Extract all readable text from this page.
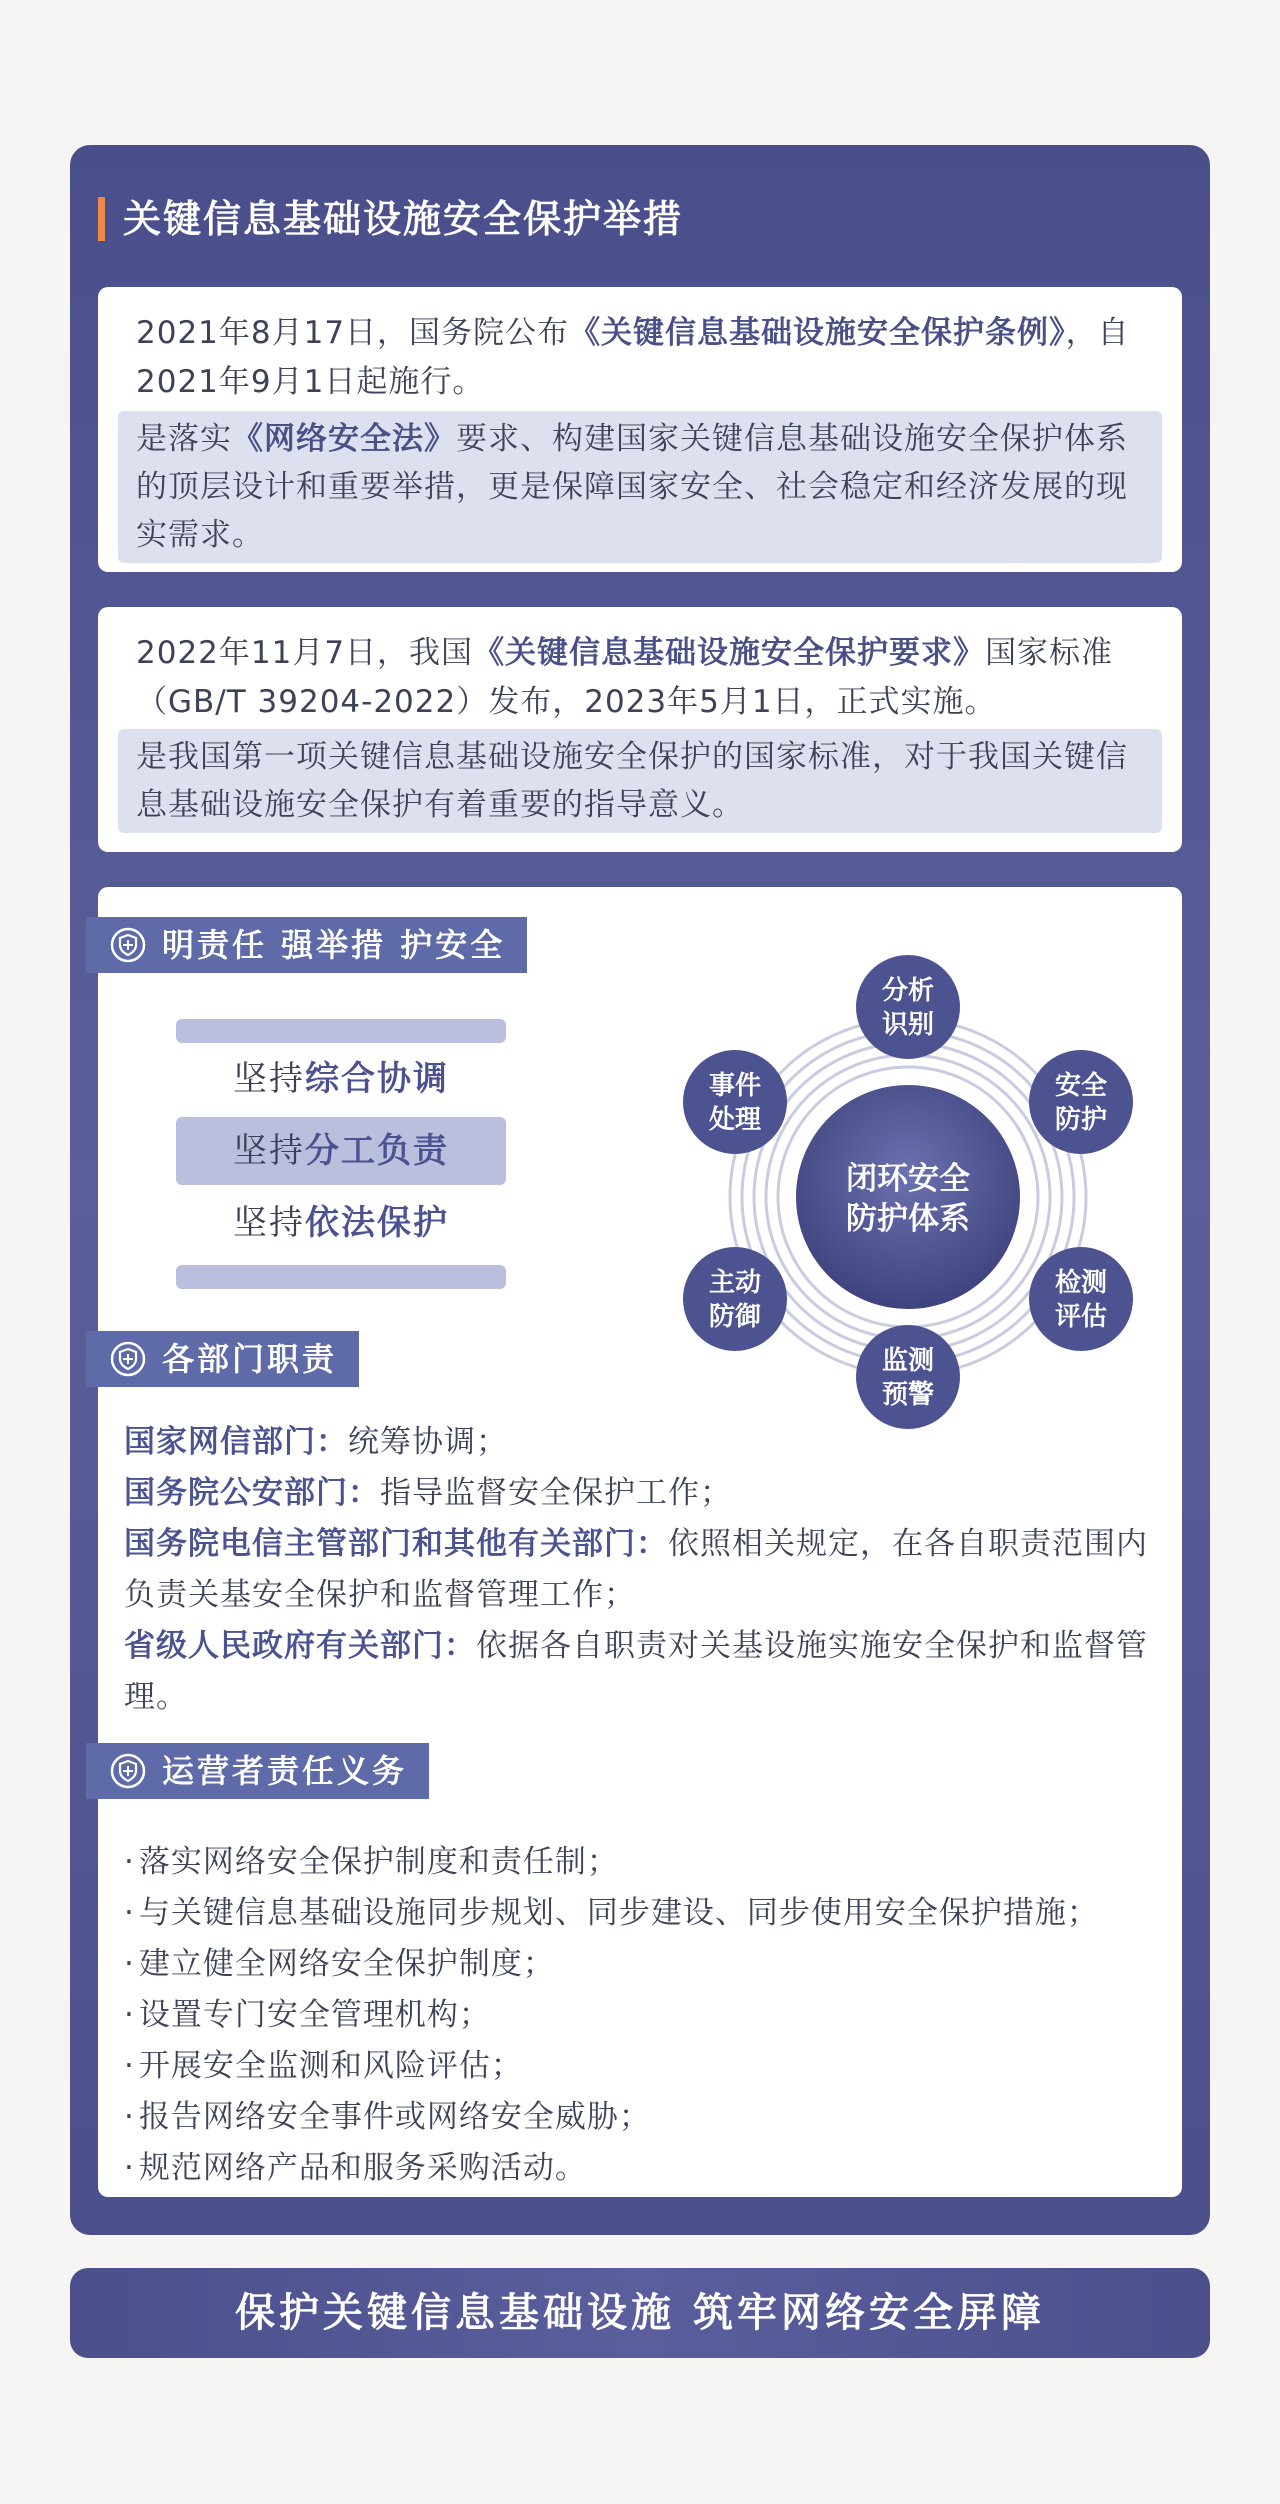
关键信息基础设施安全保护举措
2021年8月17日，国务院公布《关键信息基础设施安全保护条例》，自2021年9月1日起施行。
是落实《网络安全法》要求、构建国家关键信息基础设施安全保护体系的顶层设计和重要举措，更是保障国家安全、社会稳定和经济发展的现实需求。
2022年11月7日，我国《关键信息基础设施安全保护要求》国家标准（GB/T 39204-2022）发布，2023年5月1日，正式实施。
是我国第一项关键信息基础设施安全保护的国家标准，对于我国关键信息基础设施安全保护有着重要的指导意义。
明责任 强举措 护安全
坚持综合协调
坚持分工负责
坚持依法保护
闭环安全
防护体系
分析
识别
安全
防护
检测
评估
监测
预警
主动
防御
事件
处理
各部门职责
国家网信部门：统筹协调；
国务院公安部门：指导监督安全保护工作；
国务院电信主管部门和其他有关部门：依照相关规定，在各自职责范围内负责关基安全保护和监督管理工作；
省级人民政府有关部门：依据各自职责对关基设施实施安全保护和监督管理。
运营者责任义务
· 落实网络安全保护制度和责任制；
· 与关键信息基础设施同步规划、同步建设、同步使用安全保护措施；
· 建立健全网络安全保护制度；
· 设置专门安全管理机构；
· 开展安全监测和风险评估；
· 报告网络安全事件或网络安全威胁；
· 规范网络产品和服务采购活动。
保护关键信息基础设施 筑牢网络安全屏障
